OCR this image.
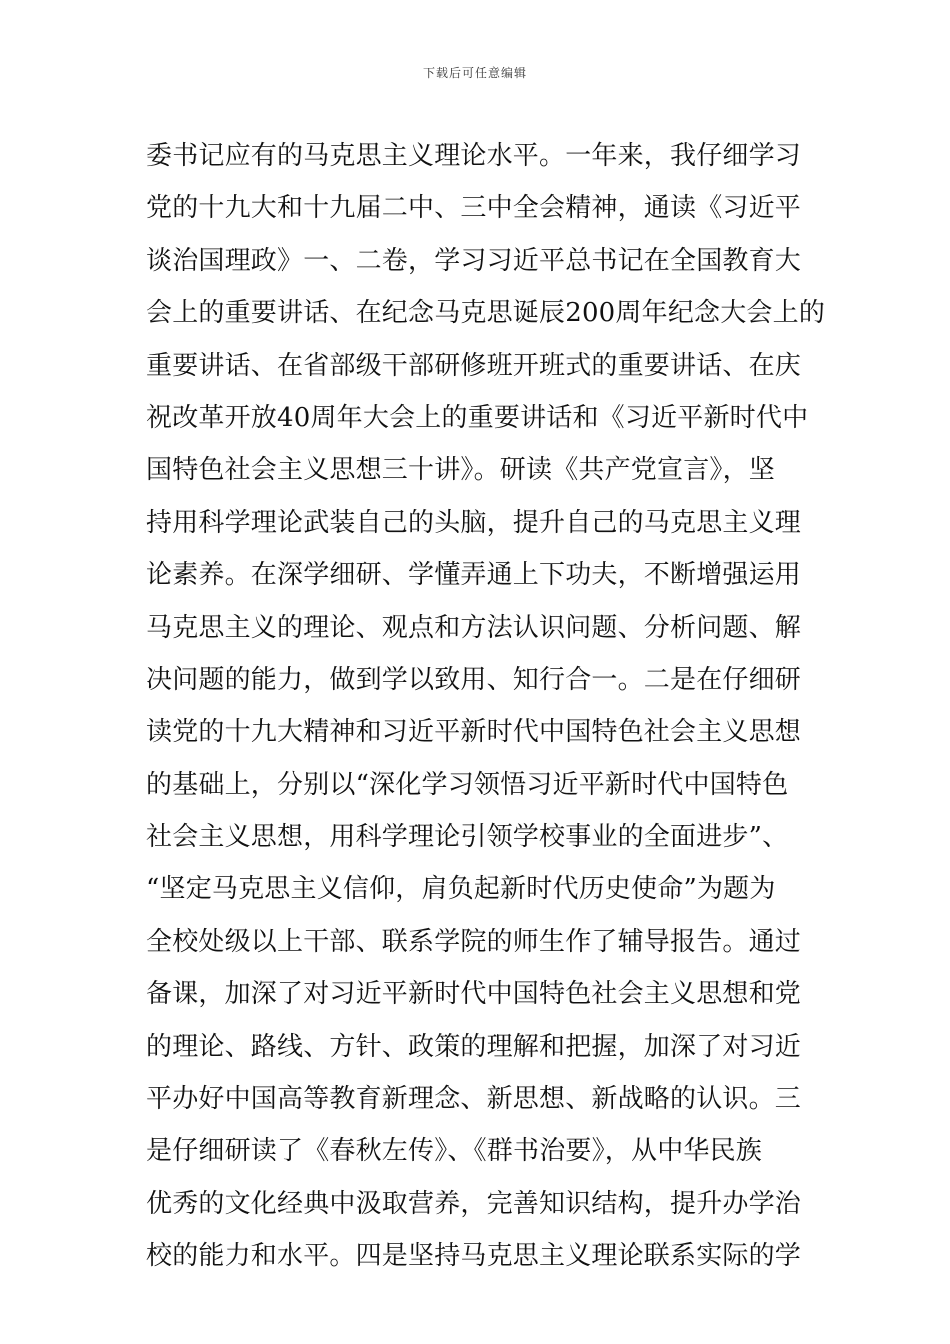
下载后可任意编辑
委书记应有的马克思主义理论水平。一年来，我仔细学习
党的十九大和十九届二中、三中全会精神，通读《习近平
谈治国理政》一、二卷，学习习近平总书记在全国教育大
会上的重要讲话、在纪念马克思诞辰200周年纪念大会上的
重要讲话、在省部级干部研修班开班式的重要讲话、在庆
祝改革开放40周年大会上的重要讲话和《习近平新时代中
国特色社会主义思想三十讲》。研读《共产党宣言》，坚
持用科学理论武装自己的头脑，提升自己的马克思主义理
论素养。在深学细研、学懂弄通上下功夫，不断增强运用
马克思主义的理论、观点和方法认识问题、分析问题、解
决问题的能力，做到学以致用、知行合一。二是在仔细研
读党的十九大精神和习近平新时代中国特色社会主义思想
的基础上，分别以“深化学习领悟习近平新时代中国特色
社会主义思想，用科学理论引领学校事业的全面进步”、
“坚定马克思主义信仰，肩负起新时代历史使命”为题为
全校处级以上干部、联系学院的师生作了辅导报告。通过
备课，加深了对习近平新时代中国特色社会主义思想和党
的理论、路线、方针、政策的理解和把握，加深了对习近
平办好中国高等教育新理念、新思想、新战略的认识。三
是仔细研读了《春秋左传》、《群书治要》，从中华民族
优秀的文化经典中汲取营养，完善知识结构，提升办学治
校的能力和水平。四是坚持马克思主义理论联系实际的学
